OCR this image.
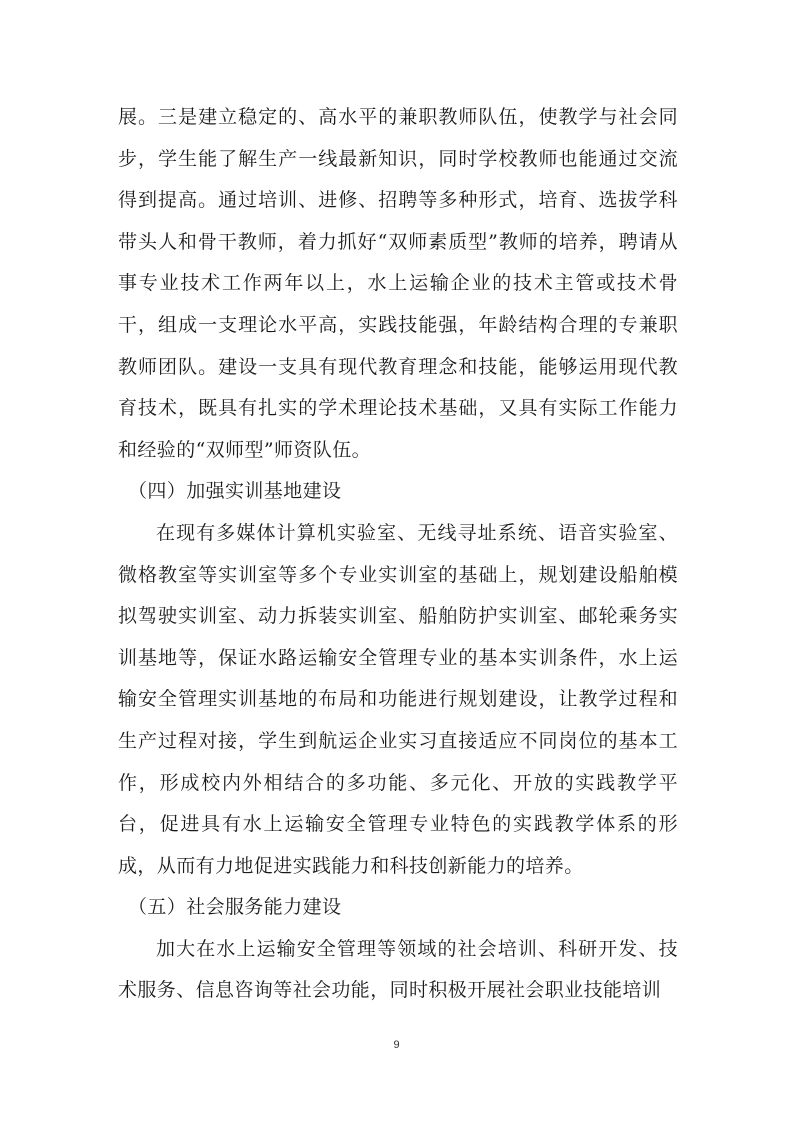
展。三是建立稳定的、高水平的兼职教师队伍，使教学与社会同步，学生能了解生产一线最新知识，同时学校教师也能通过交流得到提高。通过培训、进修、招聘等多种形式，培育、选拔学科带头人和骨干教师，着力抓好“双师素质型”教师的培养，聘请从事专业技术工作两年以上，水上运输企业的技术主管或技术骨干，组成一支理论水平高，实践技能强，年龄结构合理的专兼职教师团队。建设一支具有现代教育理念和技能，能够运用现代教育技术，既具有扎实的学术理论技术基础，又具有实际工作能力和经验的“双师型”师资队伍。

（四）加强实训基地建设

在现有多媒体计算机实验室、无线寻址系统、语音实验室、微格教室等实训室等多个专业实训室的基础上，规划建设船舶模拟驾驶实训室、动力拆装实训室、船舶防护实训室、邮轮乘务实训基地等，保证水路运输安全管理专业的基本实训条件，水上运输安全管理实训基地的布局和功能进行规划建设，让教学过程和生产过程对接，学生到航运企业实习直接适应不同岗位的基本工作，形成校内外相结合的多功能、多元化、开放的实践教学平台，促进具有水上运输安全管理专业特色的实践教学体系的形成，从而有力地促进实践能力和科技创新能力的培养。

（五）社会服务能力建设

加大在水上运输安全管理等领域的社会培训、科研开发、技术服务、信息咨询等社会功能，同时积极开展社会职业技能培训

9
